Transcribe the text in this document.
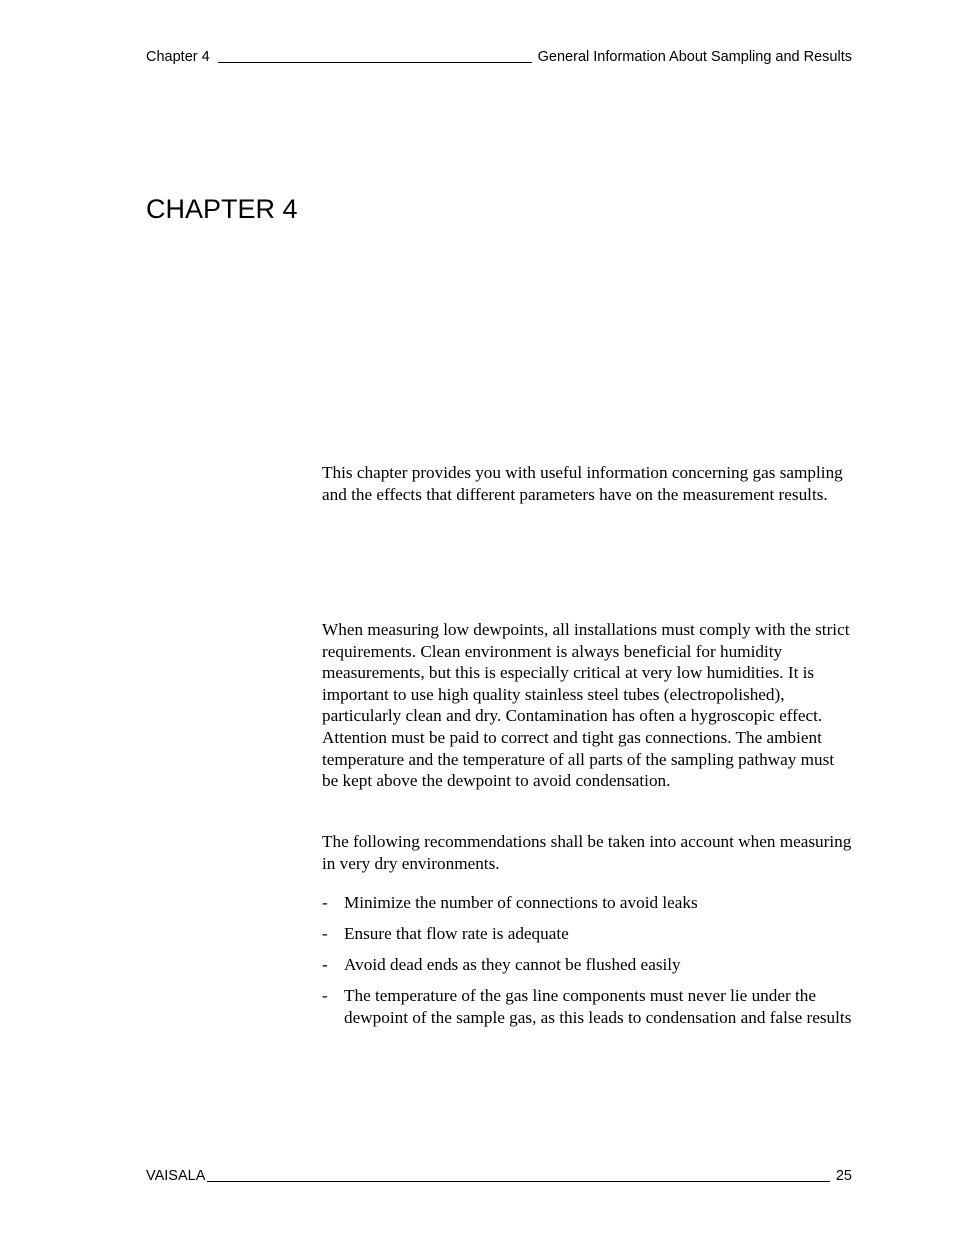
Chapter 4	General Information About Sampling and Results
CHAPTER 4

This chapter provides you with useful information concerning gas sampling and the effects that different parameters have on the measurement results.

When measuring low dewpoints, all installations must comply with the strict requirements. Clean environment is always beneficial for humidity measurements, but this is especially critical at very low humidities. It is important to use high quality stainless steel tubes (electropolished), particularly clean and dry. Contamination has often a hygroscopic effect. Attention must be paid to correct and tight gas connections. The ambient temperature and the temperature of all parts of the sampling pathway must be kept above the dewpoint to avoid condensation.

The following recommendations shall be taken into account when measuring in very dry environments.

- Minimize the number of connections to avoid leaks
- Ensure that flow rate is adequate
- Avoid dead ends as they cannot be flushed easily
- The temperature of the gas line components must never lie under the dewpoint of the sample gas, as this leads to condensation and false results
VAISALA	25
